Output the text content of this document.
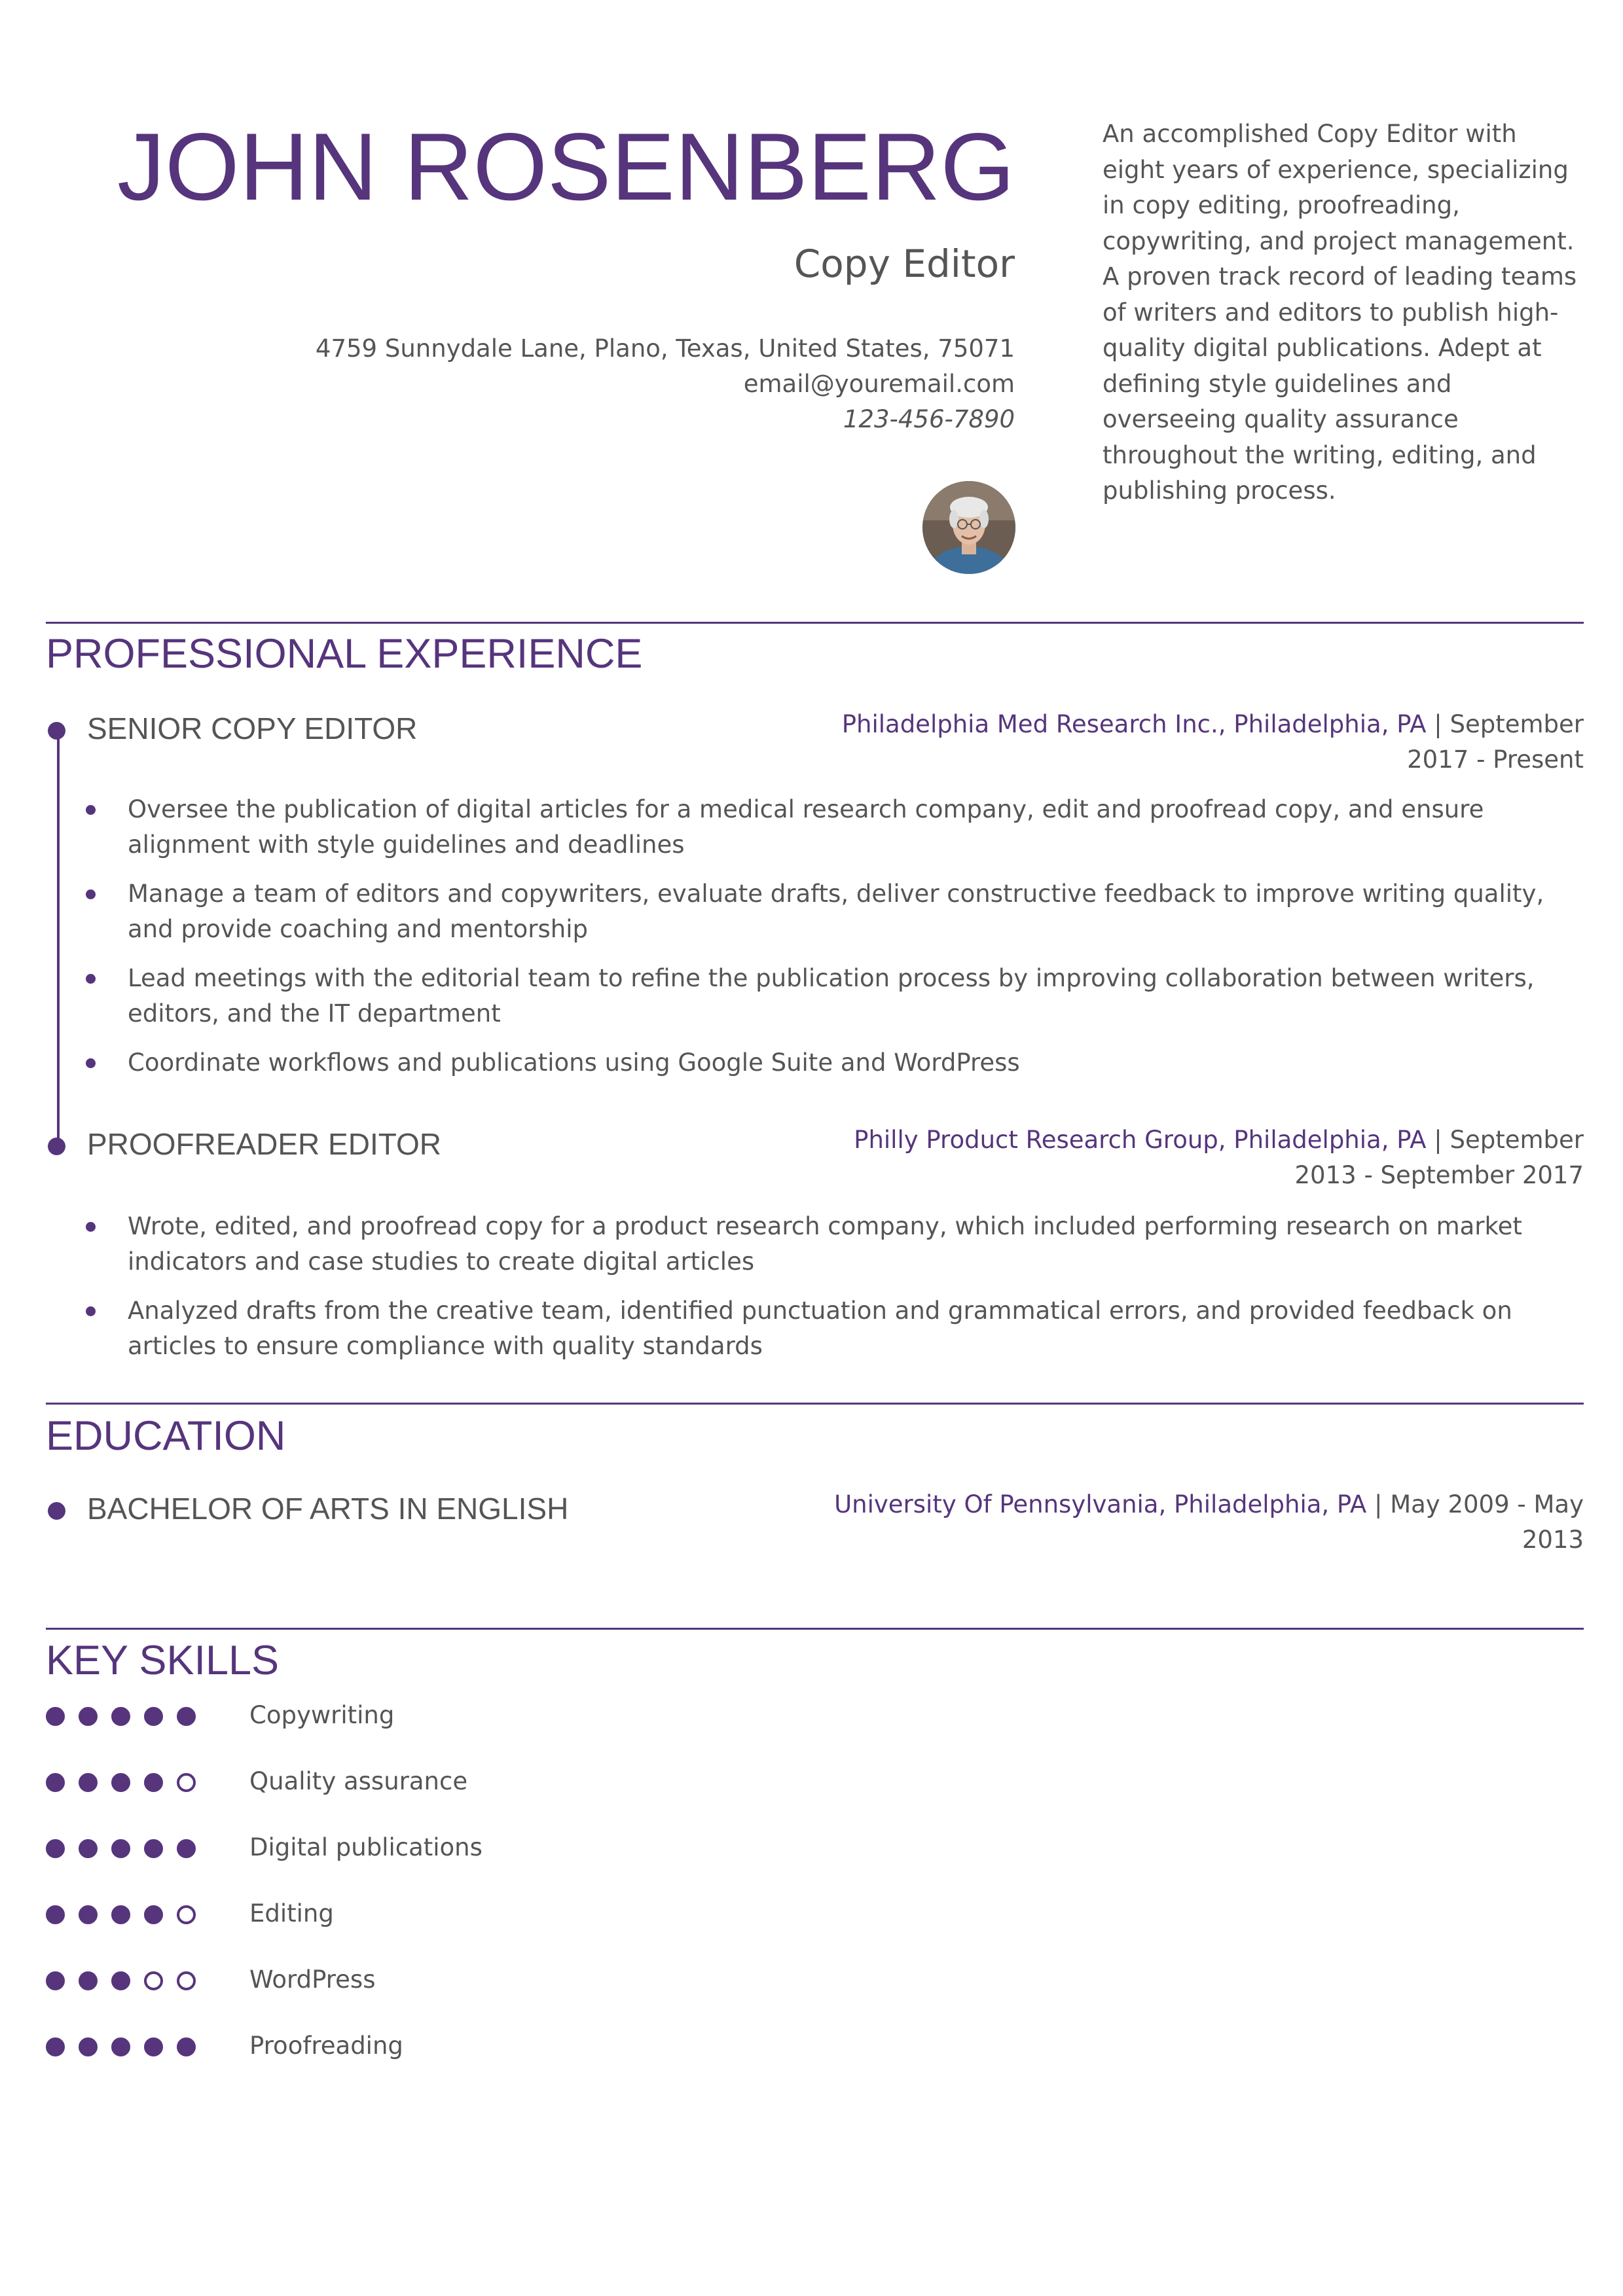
JOHN ROSENBERG
Copy Editor
4759 Sunnydale Lane, Plano, Texas, United States, 75071
email@youremail.com
123-456-7890
An accomplished Copy Editor with eight years of experience, specializing in copy editing, proofreading, copywriting, and project management. A proven track record of leading teams of writers and editors to publish high-quality digital publications. Adept at defining style guidelines and overseeing quality assurance throughout the writing, editing, and publishing process.
PROFESSIONAL EXPERIENCE
SENIOR COPY EDITOR	Philadelphia Med Research Inc., Philadelphia, PA | September 2017 - Present
Oversee the publication of digital articles for a medical research company, edit and proofread copy, and ensure alignment with style guidelines and deadlines
Manage a team of editors and copywriters, evaluate drafts, deliver constructive feedback to improve writing quality, and provide coaching and mentorship
Lead meetings with the editorial team to refine the publication process by improving collaboration between writers, editors, and the IT department
Coordinate workflows and publications using Google Suite and WordPress
PROOFREADER EDITOR	Philly Product Research Group, Philadelphia, PA | September 2013 - September 2017
Wrote, edited, and proofread copy for a product research company, which included performing research on market indicators and case studies to create digital articles
Analyzed drafts from the creative team, identified punctuation and grammatical errors, and provided feedback on articles to ensure compliance with quality standards
EDUCATION
BACHELOR OF ARTS IN ENGLISH	University Of Pennsylvania, Philadelphia, PA | May 2009 - May 2013
KEY SKILLS
Copywriting
Quality assurance
Digital publications
Editing
WordPress
Proofreading
